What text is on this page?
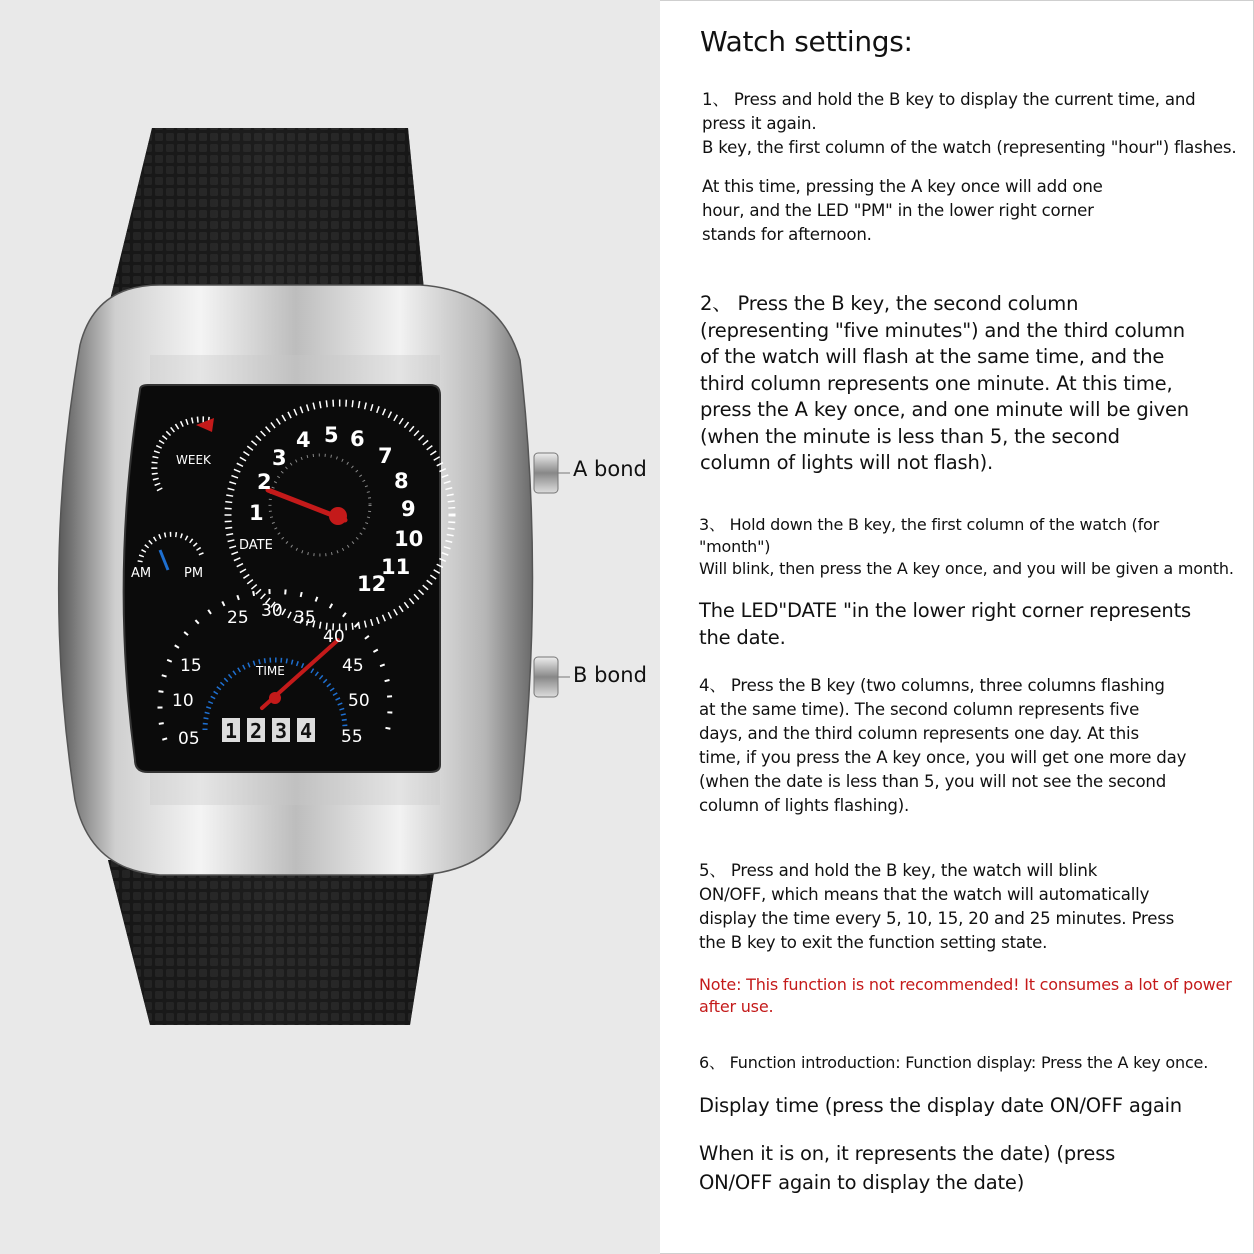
1
2
3
4 5 6
7
8
9
10
11
12
WEEK
DATE
AM	PM
TIME
05
10
15
25 30 35
40
45
50
55
1 2 3 4
A bond
B bond
Watch settings:
1、 Press and hold the B key to display the current time, and
press it again.
B key, the first column of the watch (representing "hour") flashes.
At this time, pressing the A key once will add one
hour, and the LED "PM" in the lower right corner
stands for afternoon.
2、 Press the B key, the second column
(representing "five minutes") and the third column
of the watch will flash at the same time, and the
third column represents one minute. At this time,
press the A key once, and one minute will be given
(when the minute is less than 5, the second
column of lights will not flash).
3、 Hold down the B key, the first column of the watch (for
"month")
Will blink, then press the A key once, and you will be given a month.
The LED"DATE "in the lower right corner represents
the date.
4、 Press the B key (two columns, three columns flashing
at the same time). The second column represents five
days, and the third column represents one day. At this
time, if you press the A key once, you will get one more day
(when the date is less than 5, you will not see the second
column of lights flashing).
5、 Press and hold the B key, the watch will blink
ON/OFF, which means that the watch will automatically
display the time every 5, 10, 15, 20 and 25 minutes. Press
the B key to exit the function setting state.
Note: This function is not recommended! It consumes a lot of power
after use.
6、 Function introduction: Function display: Press the A key once.
Display time (press the display date ON/OFF again
When it is on, it represents the date) (press
ON/OFF again to display the date)
